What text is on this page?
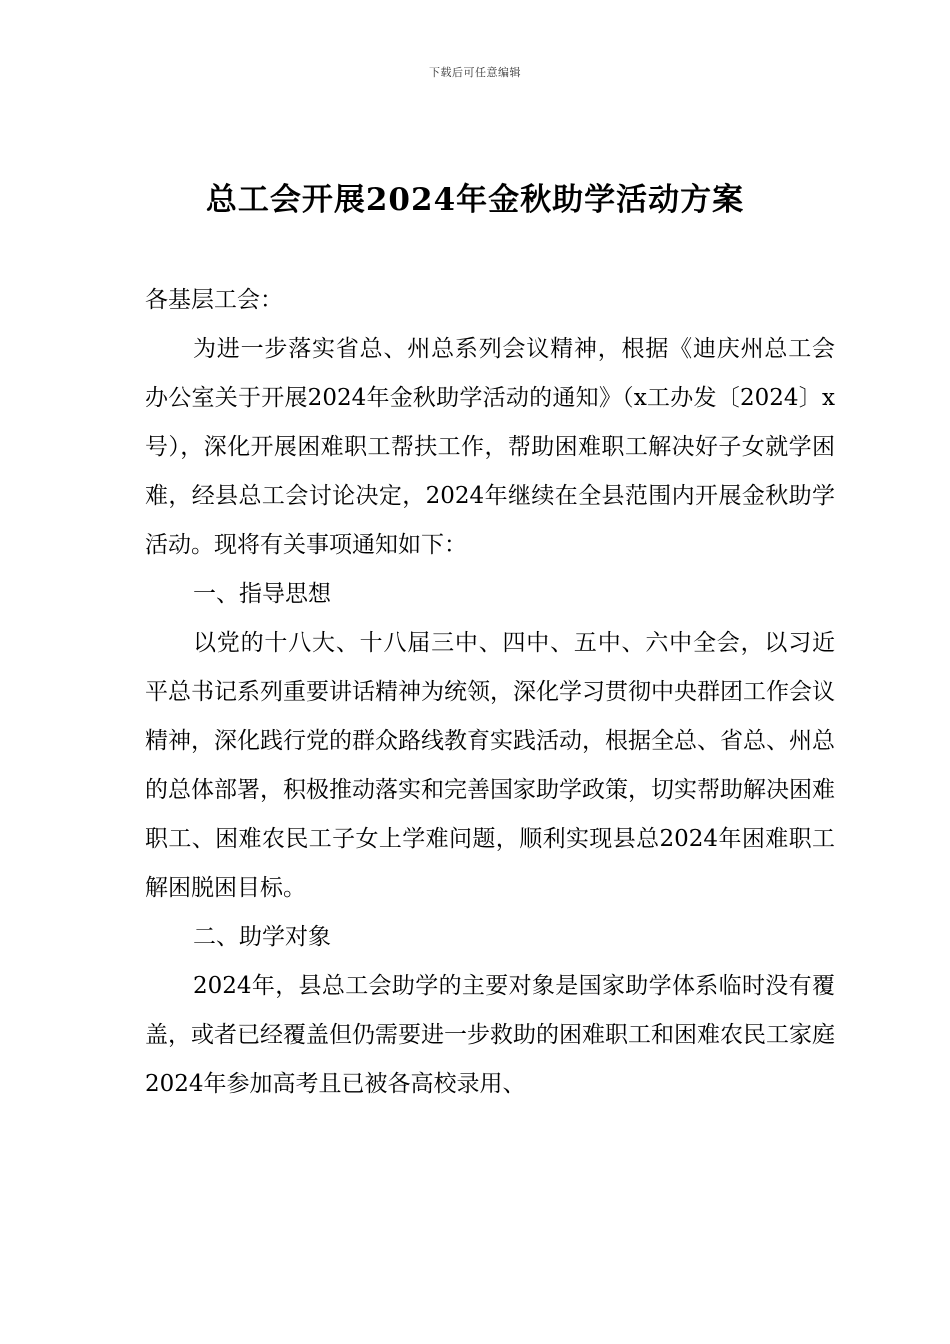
下载后可任意编辑
总工会开展2024年金秋助学活动方案

各基层工会：

为进一步落实省总、州总系列会议精神，根据《迪庆州总工会办公室关于开展2024年金秋助学活动的通知》（x工办发〔2024〕x号），深化开展困难职工帮扶工作，帮助困难职工解决好子女就学困难，经县总工会讨论决定，2024年继续在全县范围内开展金秋助学活动。现将有关事项通知如下：

一、指导思想

以党的十八大、十八届三中、四中、五中、六中全会，以习近平总书记系列重要讲话精神为统领，深化学习贯彻中央群团工作会议精神，深化践行党的群众路线教育实践活动，根据全总、省总、州总的总体部署，积极推动落实和完善国家助学政策，切实帮助解决困难职工、困难农民工子女上学难问题，顺利实现县总2024年困难职工解困脱困目标。

二、助学对象

2024年，县总工会助学的主要对象是国家助学体系临时没有覆盖，或者已经覆盖但仍需要进一步救助的困难职工和困难农民工家庭2024年参加高考且已被各高校录用、
